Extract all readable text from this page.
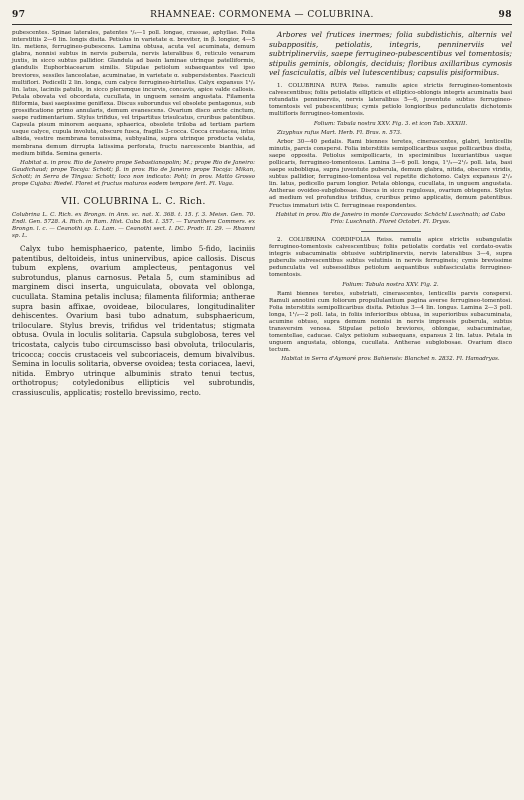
97	RHAMNEAE: CORMONEMA — COLUBRINA.	98

pubescentes. Spinae laterales, patentes ¹/₂—1 poll. longae, crassae, aphyllae. Folia interstitiis 2—6 lin. longis disita. Petiolus in varietate α. breviter, in β. longior, 4—5 lin. metiens, ferrugineo-pubescens. Lamina obtusa, acuta vel acuminata, demum glabra, nonnisi subtus in nervis puberula, nervis lateralibus 6, reticulo venarum juxtis, in sicco subtus pallidior. Glandula ad basin laminae utrinque patelliformis, glandulis Euphorbiacearum similis. Stipulae petiolum subaequantes vel ipso breviores, sessiles lanceolatae, acuminatae, in varietate α. subpersistentes. Fasciculi multiflori. Pedicelli 2 lin. longa, cum calyce ferrugineo-hirtellus. Calyx expansus 1¹/₂ lin. latus, laciniis patulis, in sicco plerumque incurvis, concavis, apice valde callosis. Petala obovata vel obcordata, cucullata, in unguem sensim angustata. Filamenta filiformia, basi saepissime geniflexa. Discus suborundus vel obsolete pentagonus, sub grossificatione primo annularis, demum evanescens. Ovarium disco arcte cinctum, saepe rudimentarium. Stylus trifidus, vel tripartitus trisulcatus, cruribus patentibus. Capsula pisum minorem aequans, sphaerica, obsolete triloba ad tertiam partem usque calyce, cupula involuta, obscure fusca, fragilis 3-cocca. Cocca crustacea, intus albida, vestire membrana tenuissima, subhyalina, supra utrinque producta velata, membrana demum dirrupta latissima perforata, fructu narcescente bianthia, ad medium bifida. Semina generis.

Habitat α. in prov. Rio de Janeiro prope Sebastianopolin; M.; prope Rio de Janeiro: Gaudichaud; prope Tocoja: Schott; β. in prov. Rio de Janeiro prope Tocoja: Mikan, Schott; in Serra de Tingua: Schott; loco non indicato: Pohl; in prov. Matto Grosso prope Cujaba: Riedel. Floret et fructus maturos eodem tempore fert. Fl. Vaga.

VII. COLUBRINA L. C. Rich.

Colubrina L. C. Rich. ex Brongn. in Ann. sc. nat. X. 368. t. 15. f. 3. Meisn. Gen. 70. Endl. Gen. 5728. A. Rich. in Ram. Hist. Cuba Bot. I. 357. — Turanthera Commers. ex Brongn. l. c. — Ceanothi sp. L. Lam. — Ceanothi sect. I. DC. Prodr. II. 29. — Rhamni sp. L.

Calyx tubo hemisphaerico, patente, limbo 5-fido, laciniis patentibus, deltoideis, intus uninervibus, apice callosis. Discus tubum explens, ovarium amplecteus, pentagonus vel subrotundus, planus carnosus. Petala 5, cum staminibus ad marginem disci inserta, unguiculata, obovata vel oblonga, cucullata. Stamina petalis inclusa; filamenta filiformia; antherae supra basin affixae, ovoideae, biloculares, longitudinaliter dehiscentes. Ovarium basi tubo adnatum, subsphaericum, triloculare. Stylus brevis, trifidus vel tridentatus; stigmata obtusa. Ovula in loculis solitaria. Capsula subglobosa, teres vel tricostata, calycis tubo circumscisso basi obvoluta, trilocularis, tricocca; coccis crustaceis vel subcoriaceis, demum bivalvibus. Semina in loculis solitaria, obverse ovoidea; testa coriacea, laevi, nitida. Embryo utrinque albuminis strato tenui tectus, orthotropus; cotyledonibus ellipticis vel subrotundis, crassiusculis, applicatis; rostello brevissimo, recto.

Arbores vel frutices inermes; folia subdistichis, alternis vel subappositis, petiolatis, integris, penninerviis vel subtriplinerviis, saepe ferrugineo-pubescentibus vel tomentosis; stipulis geminis, oblongis, deciduis; floribus axillaribus cymosis vel fasciculatis, albis vel lutescentibus; capsulis pisiformibus.

1. COLUBRINA RUFA Reiss. ramulis apice strictis ferrugineo-tomentosis calvescentibus; foliis petiolatis ellipticis et elliptico-oblongis integris acuminatis basi rotundatis penninerviis, nervis lateralibus 5—6, juventute subtus ferrugineo-tomentosis vel pubescentibus; cymis petiolo longioribus pedunculatis dichotomis multifloris ferrugineo-tomentosis.

Folium: Tabula nostra XXV. Fig. 3. et icon Tab. XXXIII.

Zizyphus rufus Mart. Herb. Fl. Bras. n. 573.

Arbor 30—40 pedalis. Rami biennes teretes, cinerascentes, glabri, lenticellis minutis, parcis conspersi. Folia interstitiis semipollicaribus usque pollicaribus disita, saepe opposita. Petiolus semipollicaris, in speciminibus luxuriantibus usque pollicaris, ferrugineo-tomentosus. Lamina 3—6 poll. longa, 1¹/₂—2¹/₂ poll. lata, basi saepe subobliqua, supra juventute puberula, demum glabra, nitida, obscure viridis, subtus pallidior, ferrugineo-tomentosa vel repetite dichotomo. Calyx expansus 2¹/₂ lin. latus, pedicello parum longior. Petala oblonga, cucullata, in unguem angustata. Antherae ovoideo-subglobosae. Discus in sicco rugulosus, ovarium obtegens. Stylus ad medium vel profundius trifidus, cruribus primo applicatis, demum patentibus. Fructus immaturi istis C. ferrugineae respondentes.

Habitat in prov. Rio de Janeiro in monte Corcovado: Schöchl Luschnath; ad Cabo Frio: Luschnath. Floret Octobri. Fl. Dryas.

2. COLUBRINA CORDIFOLIA Reiss. ramulis apice strictis subangulatis ferrugineo-tomentosis calvescentibus; foliis petiolatis cordatis vel cordato-ovatis integris subacuminatis obtusive subtriplinerviis, nervis lateralibus 3—4, supra puberulis subvescentibus subtus velutinis in nervis ferrugineis; cymis brevissime pedunculatis vel subsessilibus petiolum aequantibus subfasciculatis ferrugineo-tomentosis.

Folium: Tabula nostra XXV. Fig. 2.

Rami biennes teretes, substriati, cinerascentes, lenticellis parvis conspersi. Ramuli annotini cum foliorum propullulantium pagina averse ferrugineo-tomentosi. Folia interstitiis semipollicaribus disita. Petiolus 3—4 lin. longus. Lamina 2—3 poll. longa, 1¹/₂—2 poll. lata, in foliis inferioribus obtusa, in superioribus subacuminata, acumine obtuso, supra demum nonnisi in nervis impressis puberula, subtus transversim venosa. Stipulae petiolo breviores, oblongae, subacuminatae, tomentellae, caducae. Calyx petiolum subaequans, expansus 2 lin. latus. Petala in unguem angustata, oblonga, cucullata. Antherae subglobosae. Ovarium disco tectum.

Habitat in Serra d'Aymoré prov. Bahiensis: Blanchet n. 2832. Fl. Hamadryas.
